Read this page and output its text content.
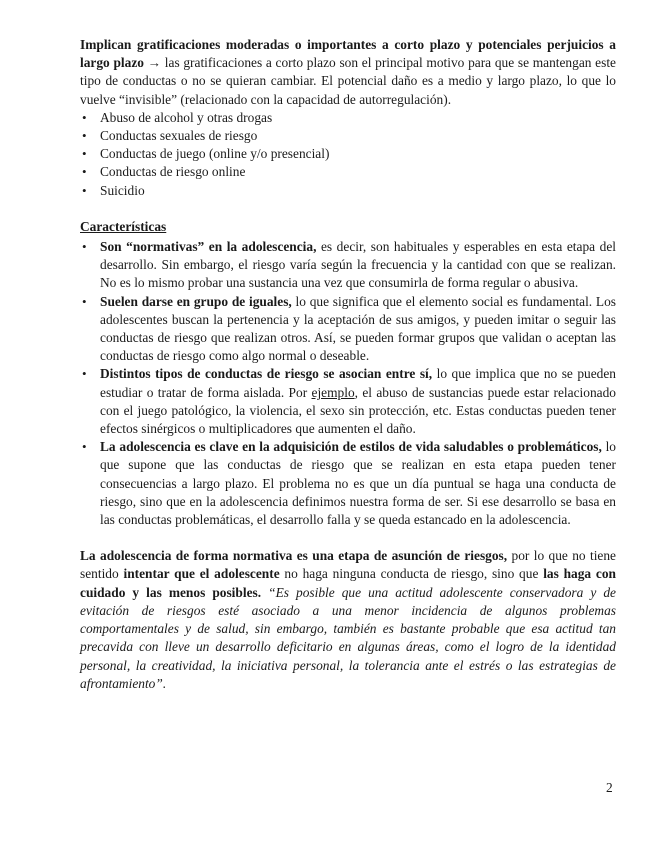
Implican gratificaciones moderadas o importantes a corto plazo y potenciales perjuicios a largo plazo → las gratificaciones a corto plazo son el principal motivo para que se mantengan este tipo de conductas o no se quieran cambiar. El potencial daño es a medio y largo plazo, lo que lo vuelve “invisible” (relacionado con la capacidad de autorregulación).

• Abuso de alcohol y otras drogas
• Conductas sexuales de riesgo
• Conductas de juego (online y/o presencial)
• Conductas de riesgo online
• Suicidio

Características

• Son “normativas” en la adolescencia, es decir, son habituales y esperables en esta etapa del desarrollo. Sin embargo, el riesgo varía según la frecuencia y la cantidad con que se realizan. No es lo mismo probar una sustancia una vez que consumirla de forma regular o abusiva.
• Suelen darse en grupo de iguales, lo que significa que el elemento social es fundamental. Los adolescentes buscan la pertenencia y la aceptación de sus amigos, y pueden imitar o seguir las conductas de riesgo que realizan otros. Así, se pueden formar grupos que validan o aceptan las conductas de riesgo como algo normal o deseable.
• Distintos tipos de conductas de riesgo se asocian entre sí, lo que implica que no se pueden estudiar o tratar de forma aislada. Por ejemplo, el abuso de sustancias puede estar relacionado con el juego patológico, la violencia, el sexo sin protección, etc. Estas conductas pueden tener efectos sinérgicos o multiplicadores que aumenten el daño.
• La adolescencia es clave en la adquisición de estilos de vida saludables o problemáticos, lo que supone que las conductas de riesgo que se realizan en esta etapa pueden tener consecuencias a largo plazo. El problema no es que un día puntual se haga una conducta de riesgo, sino que en la adolescencia definimos nuestra forma de ser. Si ese desarrollo se basa en las conductas problemáticas, el desarrollo falla y se queda estancado en la adolescencia.

La adolescencia de forma normativa es una etapa de asunción de riesgos, por lo que no tiene sentido intentar que el adolescente no haga ninguna conducta de riesgo, sino que las haga con cuidado y las menos posibles. “Es posible que una actitud adolescente conservadora y de evitación de riesgos esté asociado a una menor incidencia de algunos problemas comportamentales y de salud, sin embargo, también es bastante probable que esa actitud tan precavida con lleve un desarrollo deficitario en algunas áreas, como el logro de la identidad personal, la creatividad, la iniciativa personal, la tolerancia ante el estrés o las estrategias de afrontamiento”.

2
